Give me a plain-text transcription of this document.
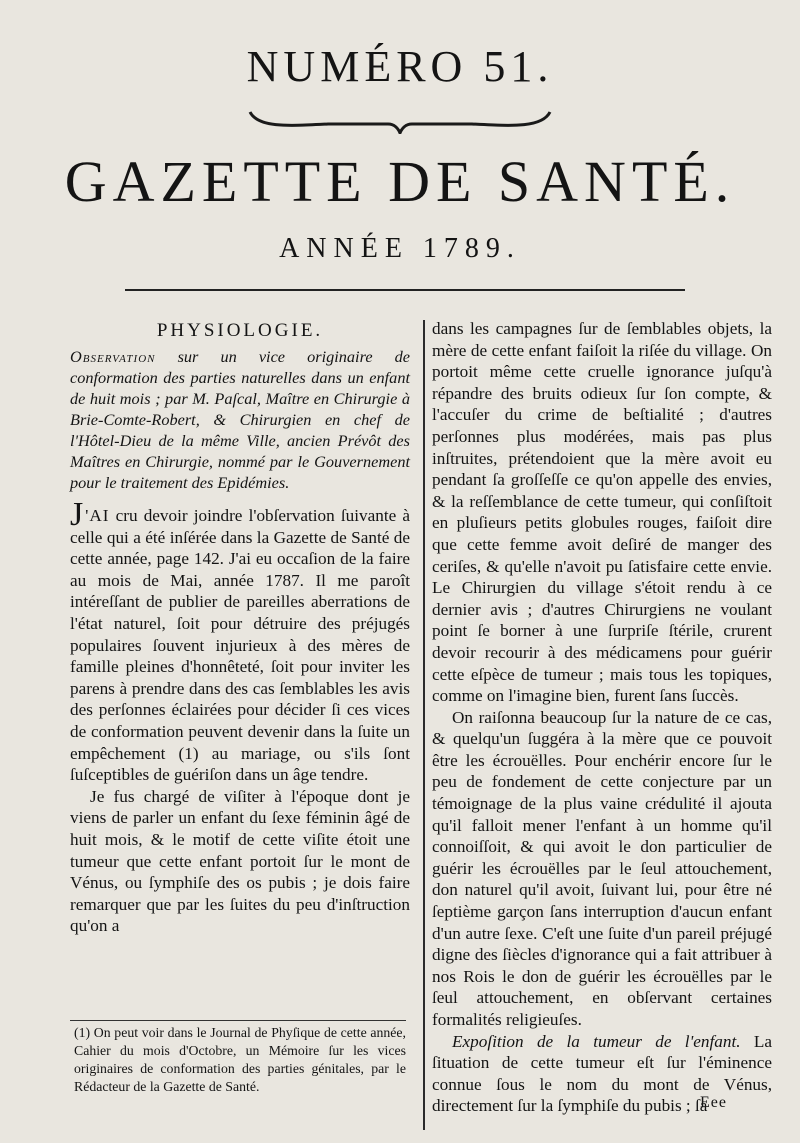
NUMÉRO 51.
GAZETTE DE SANTÉ.
ANNÉE 1789.
PHYSIOLOGIE.

Observation sur un vice originaire de conformation des parties naturelles dans un enfant de huit mois ; par M. Paſcal, Maître en Chirurgie à Brie-Comte-Robert, & Chirurgien en chef de l'Hôtel-Dieu de la même Ville, ancien Prévôt des Maîtres en Chirurgie, nommé par le Gouvernement pour le traitement des Epidémies.

J 'AI cru devoir joindre l'obſervation ſuivante à celle qui a été inſérée dans la Gazette de Santé de cette année, page 142. J'ai eu occaſion de la faire au mois de Mai, année 1787. Il me paroît intéreſſant de publier de pareilles aberrations de l'état naturel, ſoit pour détruire des préjugés populaires ſouvent injurieux à des mères de famille pleines d'honnêteté, ſoit pour inviter les parens à prendre dans des cas ſemblables les avis des perſonnes éclairées pour décider ſi ces vices de conformation peuvent devenir dans la ſuite un empêchement (1) au mariage, ou s'ils ſont ſuſceptibles de guériſon dans un âge tendre.

Je fus chargé de viſiter à l'époque dont je viens de parler un enfant du ſexe féminin âgé de huit mois, & le motif de cette viſite étoit une tumeur que cette enfant portoit ſur le mont de Vénus, ou ſymphiſe des os pubis ; je dois faire remarquer que par les ſuites du peu d'inſtruction qu'on a

(1) On peut voir dans le Journal de Phyſique de cette année, Cahier du mois d'Octobre, un Mémoire ſur les vices originaires de conformation des parties génitales, par le Rédacteur de la Gazette de Santé.

dans les campagnes ſur de ſemblables objets, la mère de cette enfant faiſoit la riſée du village. On portoit même cette cruelle ignorance juſqu'à répandre des bruits odieux ſur ſon compte, & l'accuſer du crime de beſtialité ; d'autres perſonnes plus modérées, mais pas plus inſtruites, prétendoient que la mère avoit eu pendant ſa groſſeſſe ce qu'on appelle des envies, & la reſſemblance de cette tumeur, qui conſiſtoit en pluſieurs petits globules rouges, faiſoit dire que cette femme avoit deſiré de manger des ceriſes, & qu'elle n'avoit pu ſatisfaire cette envie. Le Chirurgien du village s'étoit rendu à ce dernier avis ; d'autres Chirurgiens ne voulant point ſe borner à une ſurpriſe ſtérile, crurent devoir recourir à des médicamens pour guérir cette eſpèce de tumeur ; mais tous les topiques, comme on l'imagine bien, furent ſans ſuccès.

On raiſonna beaucoup ſur la nature de ce cas, & quelqu'un ſuggéra à la mère que ce pouvoit être les écrouëlles. Pour enchérir encore ſur le peu de fondement de cette conjecture par un témoignage de la plus vaine crédulité il ajouta qu'il falloit mener l'enfant à un homme qu'il connoiſſoit, & qui avoit le don particulier de guérir les écrouëlles par le ſeul attouchement, don naturel qu'il avoit, ſuivant lui, pour être né ſeptième garçon ſans interruption d'aucun enfant d'un autre ſexe. C'eſt une ſuite d'un pareil préjugé digne des ſiècles d'ignorance qui a fait attribuer à nos Rois le don de guérir les écrouëlles par le ſeul attouchement, en obſervant certaines formalités religieuſes.

Expoſition de la tumeur de l'enfant. La ſituation de cette tumeur eſt ſur l'éminence connue ſous le nom du mont de Vénus, directement ſur la ſymphiſe du pubis ; ſa

Eee
